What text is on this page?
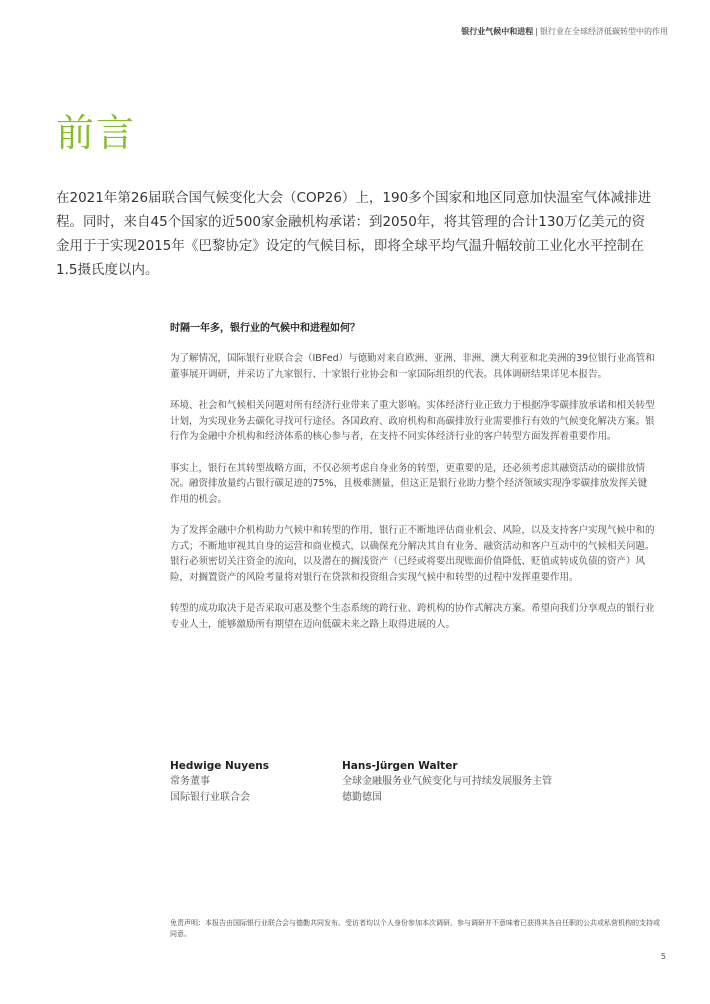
银行业气候中和进程 | 银行业在全球经济低碳转型中的作用
前言

在2021年第26届联合国气候变化大会（COP26）上，190多个国家和地区同意加快温室气体减排进程。同时，来自45个国家的近500家金融机构承诺：到2050年，将其管理的合计130万亿美元的资金用于于实现2015年《巴黎协定》设定的气候目标，即将全球平均气温升幅较前工业化水平控制在1.5摄氏度以内。

时隔一年多，银行业的气候中和进程如何？

为了解情况，国际银行业联合会（IBFed）与德勤对来自欧洲、亚洲、非洲、澳大利亚和北美洲的39位银行业高管和董事展开调研，并采访了九家银行、十家银行业协会和一家国际组织的代表。具体调研结果详见本报告。

环境、社会和气候相关问题对所有经济行业带来了重大影响。实体经济行业正致力于根据净零碳排放承诺和相关转型计划，为实现业务去碳化寻找可行途径。各国政府、政府机构和高碳排放行业需要推行有效的气候变化解决方案。银行作为金融中介机构和经济体系的核心参与者，在支持不同实体经济行业的客户转型方面发挥着重要作用。

事实上，银行在其转型战略方面，不仅必须考虑自身业务的转型，更重要的是，还必须考虑其融资活动的碳排放情况。融资排放量约占银行碳足迹的75%，且极难测量，但这正是银行业助力整个经济领域实现净零碳排放发挥关键作用的机会。

为了发挥金融中介机构助力气候中和转型的作用，银行正不断地评估商业机会、风险，以及支持客户实现气候中和的方式；不断地审视其自身的运营和商业模式，以确保充分解决其自有业务、融资活动和客户互动中的气候相关问题。银行必须密切关注资金的流向，以及潜在的搁浅资产（已经或将要出现账面价值降低、贬值或转成负债的资产）风险，对搁置资产的风险考量将对银行在贷款和投资组合实现气候中和转型的过程中发挥重要作用。

转型的成功取决于是否采取可惠及整个生态系统的跨行业、跨机构的协作式解决方案。希望向我们分享观点的银行业专业人士，能够激励所有期望在迈向低碳未来之路上取得进展的人。

Hedwige Nuyens
常务董事
国际银行业联合会
Hans-Jürgen Walter
全球金融服务业气候变化与可持续发展服务主管
德勤德国

免责声明：本报告由国际银行业联合会与德勤共同发布。受访者均以个人身份参加本次调研。参与调研并不意味着已获得其各自任职的公共或私营机构的支持或同意。

5
